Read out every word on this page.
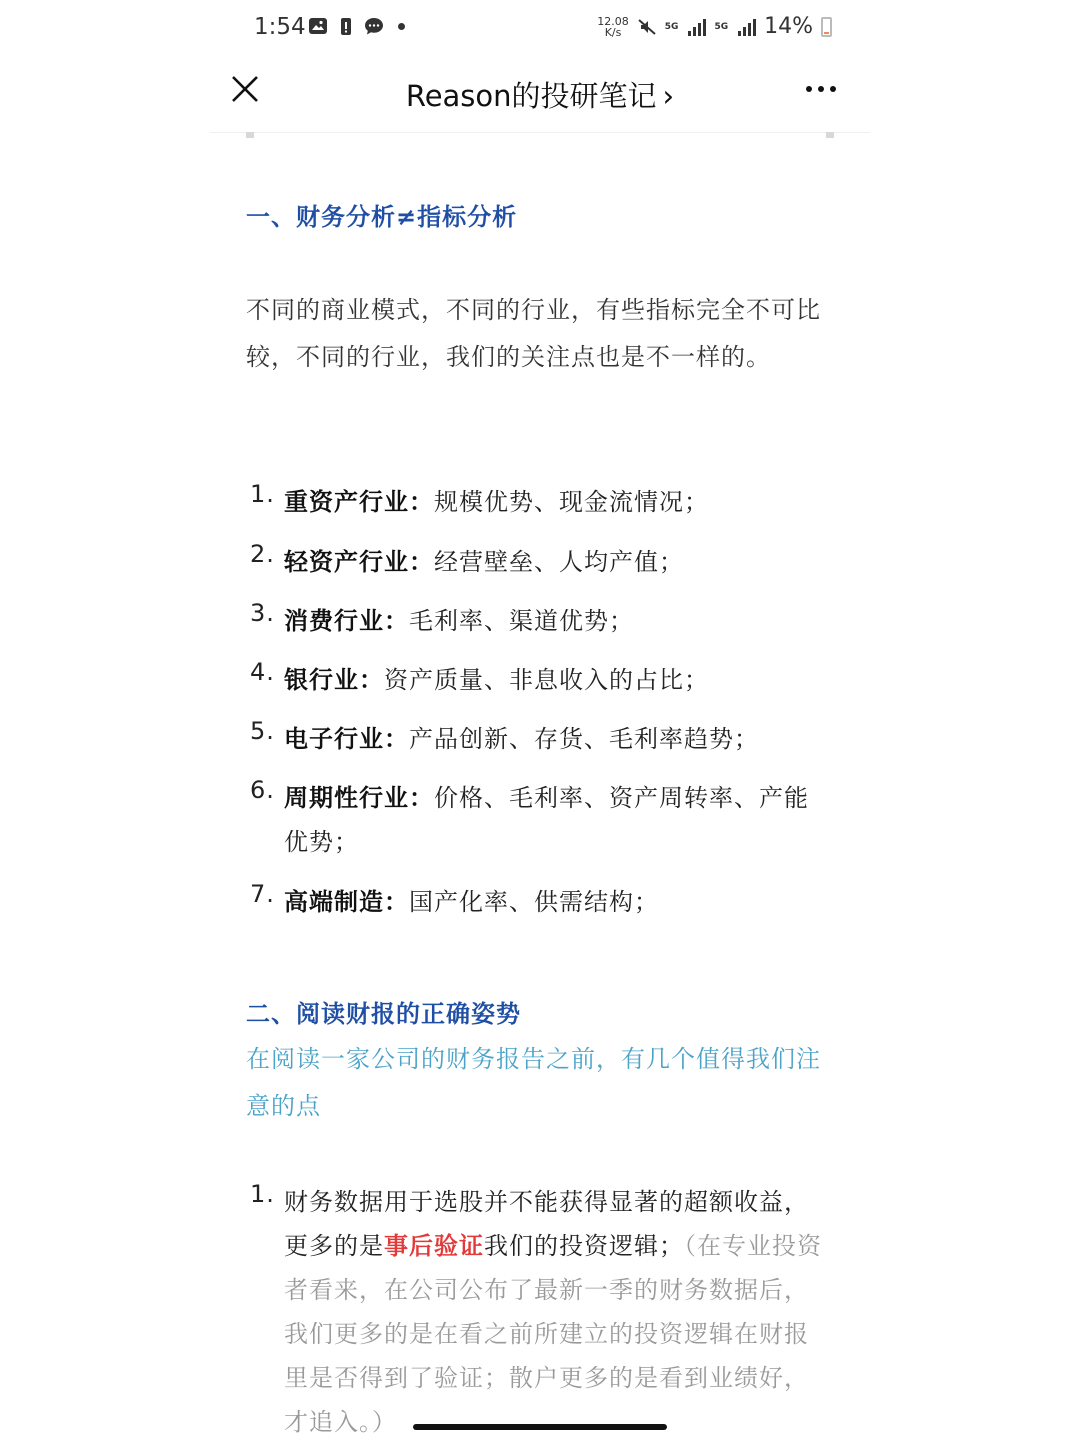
1:54	12.08
K/s	5G	5G 14%
Reason的投研笔记 ›
一、财务分析≠指标分析
不同的商业模式，不同的行业，有些指标完全不可比较，不同的行业，我们的关注点也是不一样的。
1. 重资产行业：规模优势、现金流情况；
2. 轻资产行业：经营壁垒、人均产值；
3. 消费行业：毛利率、渠道优势；
4. 银行业：资产质量、非息收入的占比；
5. 电子行业：产品创新、存货、毛利率趋势；
6. 周期性行业：价格、毛利率、资产周转率、产能优势；
7. 高端制造：国产化率、供需结构；
二、阅读财报的正确姿势
在阅读一家公司的财务报告之前，有几个值得我们注意的点
1. 财务数据用于选股并不能获得显著的超额收益，更多的是事后验证我们的投资逻辑；（在专业投资者看来，在公司公布了最新一季的财务数据后，我们更多的是在看之前所建立的投资逻辑在财报里是否得到了验证；散户更多的是看到业绩好，才追入。）
